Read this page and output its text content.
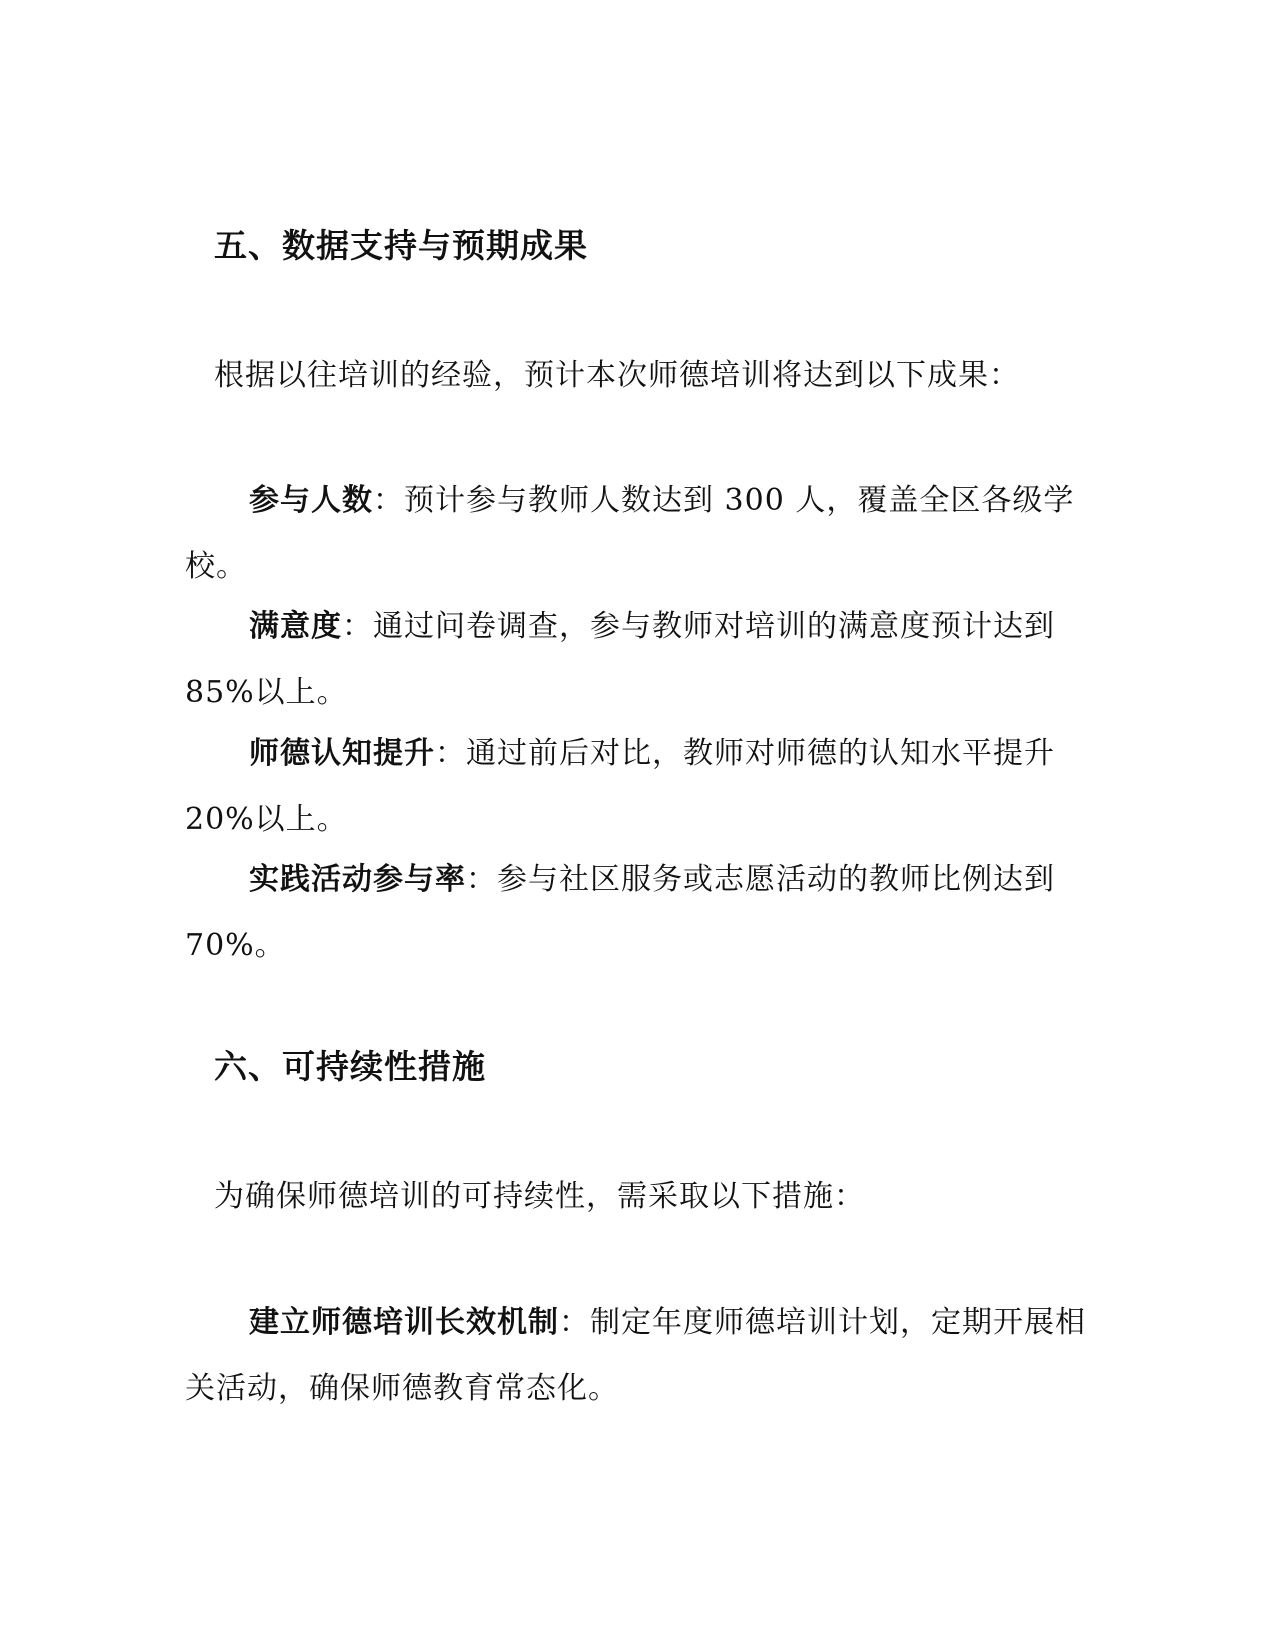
五、数据支持与预期成果

根据以往培训的经验，预计本次师德培训将达到以下成果：

参与人数：预计参与教师人数达到 300 人，覆盖全区各级学校。

满意度：通过问卷调查，参与教师对培训的满意度预计达到85%以上。

师德认知提升：通过前后对比，教师对师德的认知水平提升20%以上。

实践活动参与率：参与社区服务或志愿活动的教师比例达到70%。

六、可持续性措施

为确保师德培训的可持续性，需采取以下措施：

建立师德培训长效机制：制定年度师德培训计划，定期开展相关活动，确保师德教育常态化。
